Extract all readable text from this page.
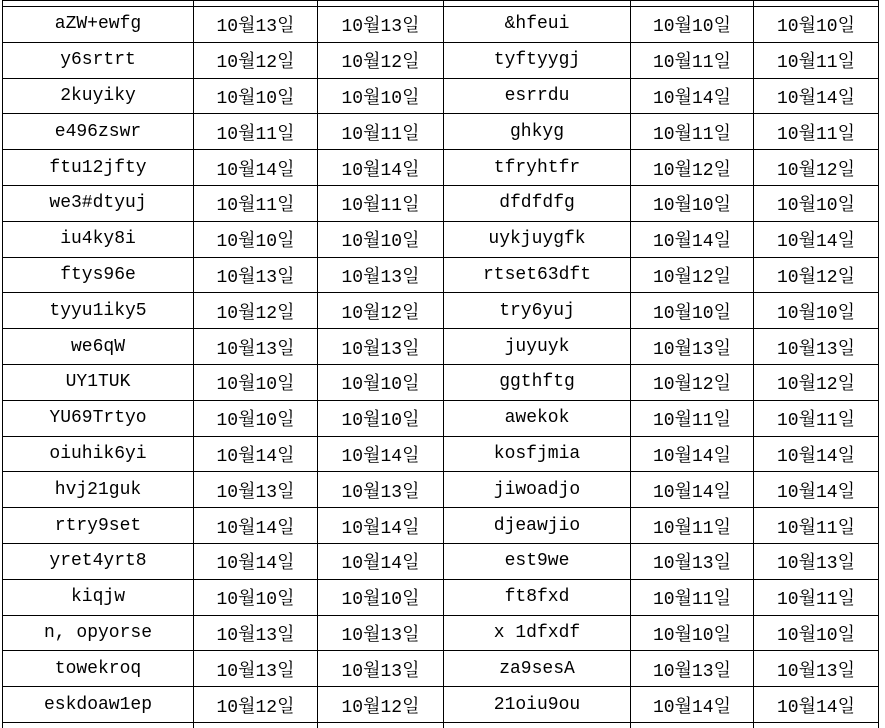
aZW+ewfg	10월13일	10월13일	&hfeui	10월10일	10월10일
y6srtrt	10월12일	10월12일	tyftyygj	10월11일	10월11일
2kuyiky	10월10일	10월10일	esrrdu	10월14일	10월14일
e496zswr	10월11일	10월11일	ghkyg	10월11일	10월11일
ftu12jfty	10월14일	10월14일	tfryhtfr	10월12일	10월12일
we3#dtyuj	10월11일	10월11일	dfdfdfg	10월10일	10월10일
iu4ky8i	10월10일	10월10일	uykjuygfk	10월14일	10월14일
ftys96e	10월13일	10월13일	rtset63dft	10월12일	10월12일
tyyu1iky5	10월12일	10월12일	try6yuj	10월10일	10월10일
we6qW	10월13일	10월13일	juyuyk	10월13일	10월13일
UY1TUK	10월10일	10월10일	ggthftg	10월12일	10월12일
YU69Trtyo	10월10일	10월10일	awekok	10월11일	10월11일
oiuhik6yi	10월14일	10월14일	kosfjmia	10월14일	10월14일
hvj21guk	10월13일	10월13일	jiwoadjo	10월14일	10월14일
rtry9set	10월14일	10월14일	djeawjio	10월11일	10월11일
yret4yrt8	10월14일	10월14일	est9we	10월13일	10월13일
kiqjw	10월10일	10월10일	ft8fxd	10월11일	10월11일
n, opyorse	10월13일	10월13일	x 1dfxdf	10월10일	10월10일
towekroq	10월13일	10월13일	za9sesA	10월13일	10월13일
eskdoaw1ep	10월12일	10월12일	21oiu9ou	10월14일	10월14일
